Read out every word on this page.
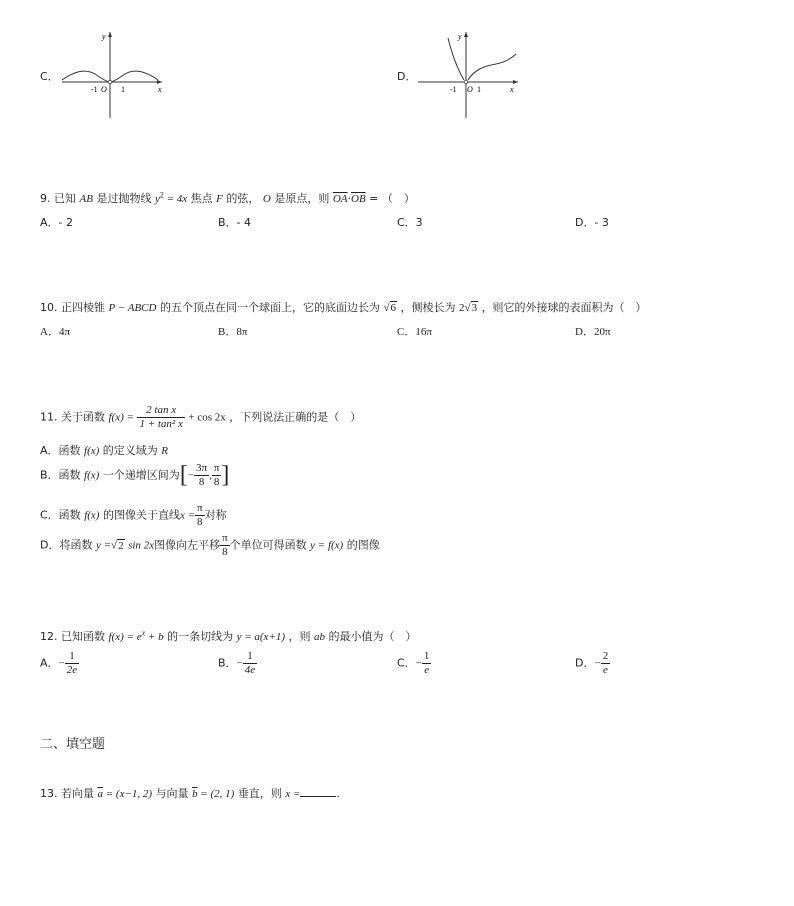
C．
y
x
O
-1	1
D．
y
x
O
-1	1
9. 已知 AB 是过抛物线 $y^2 = 4x$ 焦点 F 的弦， O 是原点，则 $\overline{OA}\cdot\overline{OB}$ = （　）
A．- 2	B．- 4	C．3	D．- 3
10. 正四棱锥 P − ABCD 的五个顶点在同一个球面上，它的底面边长为 √6 ，侧棱长为 2√3 ，则它的外接球的表面积为（　）
A．4π	B．8π	C．16π	D．20π
11. 关于函数 $f(x) = \frac{\text{2 tan x}}{\text{1 + tan² x}} + \cos 2x$ ，下列说法正确的是（　）
A．函数 f(x) 的定义域为 R
B．函数 f(x) 一个递增区间为[− $\frac{3\pi}{8}$ , $\frac{\pi}{8}$ ]
C．函数 f(x) 的图像关于直线$x = \frac{\pi}{8}$ 对称
D．将函数 y =√2 sin 2x图像向左平移 $\frac{\pi}{8}$ 个单位可得函数 y = f(x) 的图像
12. 已知函数 $f(x) = e^x + b$ 的一条切线为 y = a(x+1) ，则 ab 的最小值为（　）
A．− $\frac{1}{2e}$	B．− $\frac{1}{4e}$	C．− $\frac{1}{e}$	D．− $\frac{2}{e}$
二、填空题
13. 若向量 $\overline{a} = (x-1$, 2) 与向量 $\overline{b} = (2$, 1) 垂直，则 x =	.
